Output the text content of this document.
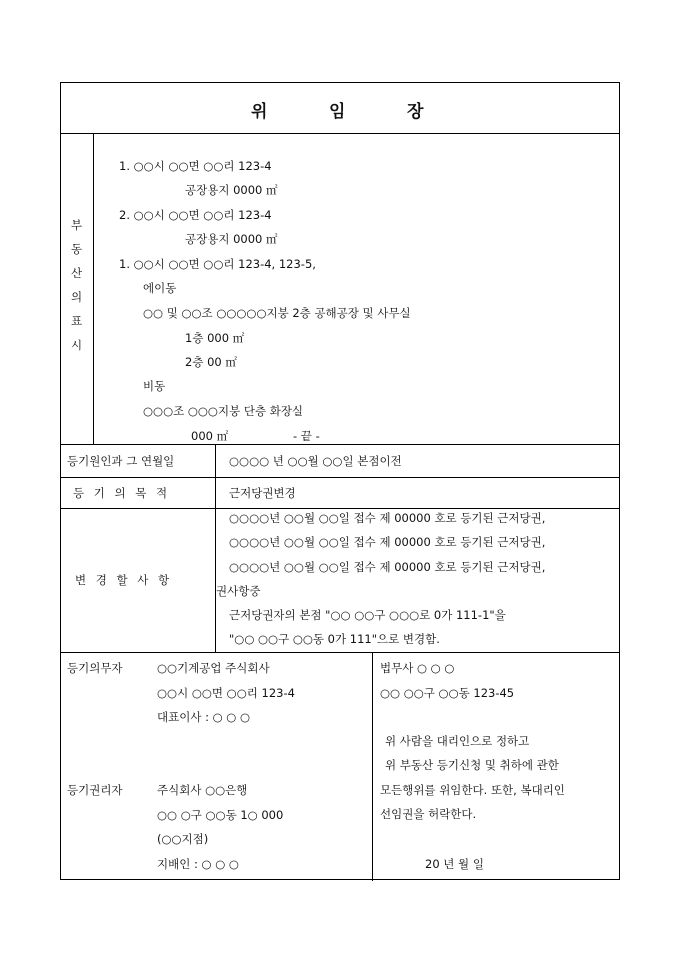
위	임	장
부
동
산
의
표
시
1. ○○시 ○○면 ○○리 123-4
공장용지 0000 ㎡
2. ○○시 ○○면 ○○리 123-4
공장용지 0000 ㎡
1. ○○시 ○○면 ○○리 123-4, 123-5,
에이동
○○ 및 ○○조 ○○○○○지붕 2층 공해공장 및 사무실
1층 000 ㎡
2층 00 ㎡
비동
○○○조 ○○○지붕 단층 화장실
000 ㎡	- 끝 -
등기원인과 그 연월일	○○○○ 년 ○○월 ○○일 본점이전
등 기 의 목 적	근저당권변경
변 경 할 사 항
○○○○년 ○○월 ○○일 접수 제 00000 호로 등기된 근저당권,
○○○○년 ○○월 ○○일 접수 제 00000 호로 등기된 근저당권,
○○○○년 ○○월 ○○일 접수 제 00000 호로 등기된 근저당권,
권사항중
근저당권자의 본점 "○○ ○○구 ○○○로 0가 111-1"을
"○○ ○○구 ○○동 0가 111"으로 변경함.
등기의무자	○○기계공업 주식회사
○○시 ○○면 ○○리 123-4
대표이사 : ○ ○ ○
등기권리자	주식회사 ○○은행
○○ ○구 ○○동 1○ 000
(○○지점)
지배인 : ○ ○ ○
법무사 ○ ○ ○
○○ ○○구 ○○동 123-45
위 사람을 대리인으로 정하고
위 부동산 등기신청 및 취하에 관한
모든행위를 위임한다. 또한, 복대리인
선임권을 허락한다.
20 년 월 일
